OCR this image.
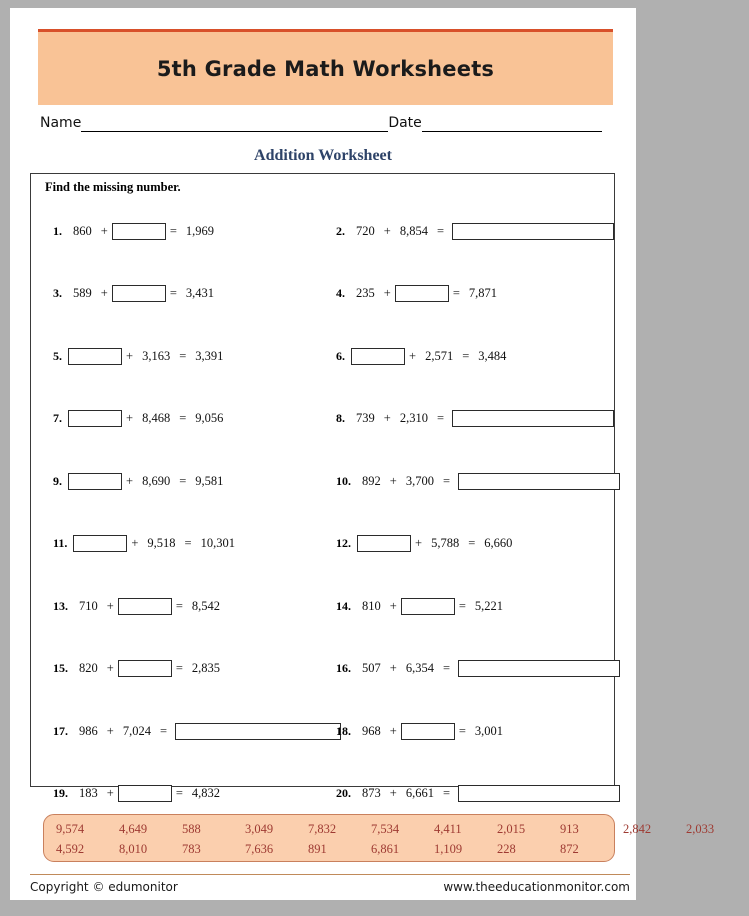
5th Grade Math Worksheets
Name	Date
Addition Worksheet
Find the missing number.
1. 860 +	= 1,969	2. 720 + 8,854 =
3. 589 +	= 3,431	4. 235 +	= 7,871
5.	+ 3,163 = 3,391	6.	+ 2,571 = 3,484
7.	+ 8,468 = 9,056	8. 739 + 2,310 =
9.	+ 8,690 = 9,581	10. 892 + 3,700 =
11.	+ 9,518 = 10,301	12.	+ 5,788 = 6,660
13. 710 +	= 8,542	14. 810 +	= 5,221
15. 820 +	= 2,835	16. 507 + 6,354 =
17. 986 + 7,024 =	18. 968 +	= 3,001
19. 183 +	= 4,832	20. 873 + 6,661 =
9,574	4,649	588	3,049	7,832	7,534	4,411	2,015	913	2,842	2,033
4,592	8,010	783	7,636	891	6,861	1,109	228	872
Copyright © edumonitor	www.theeducationmonitor.com
